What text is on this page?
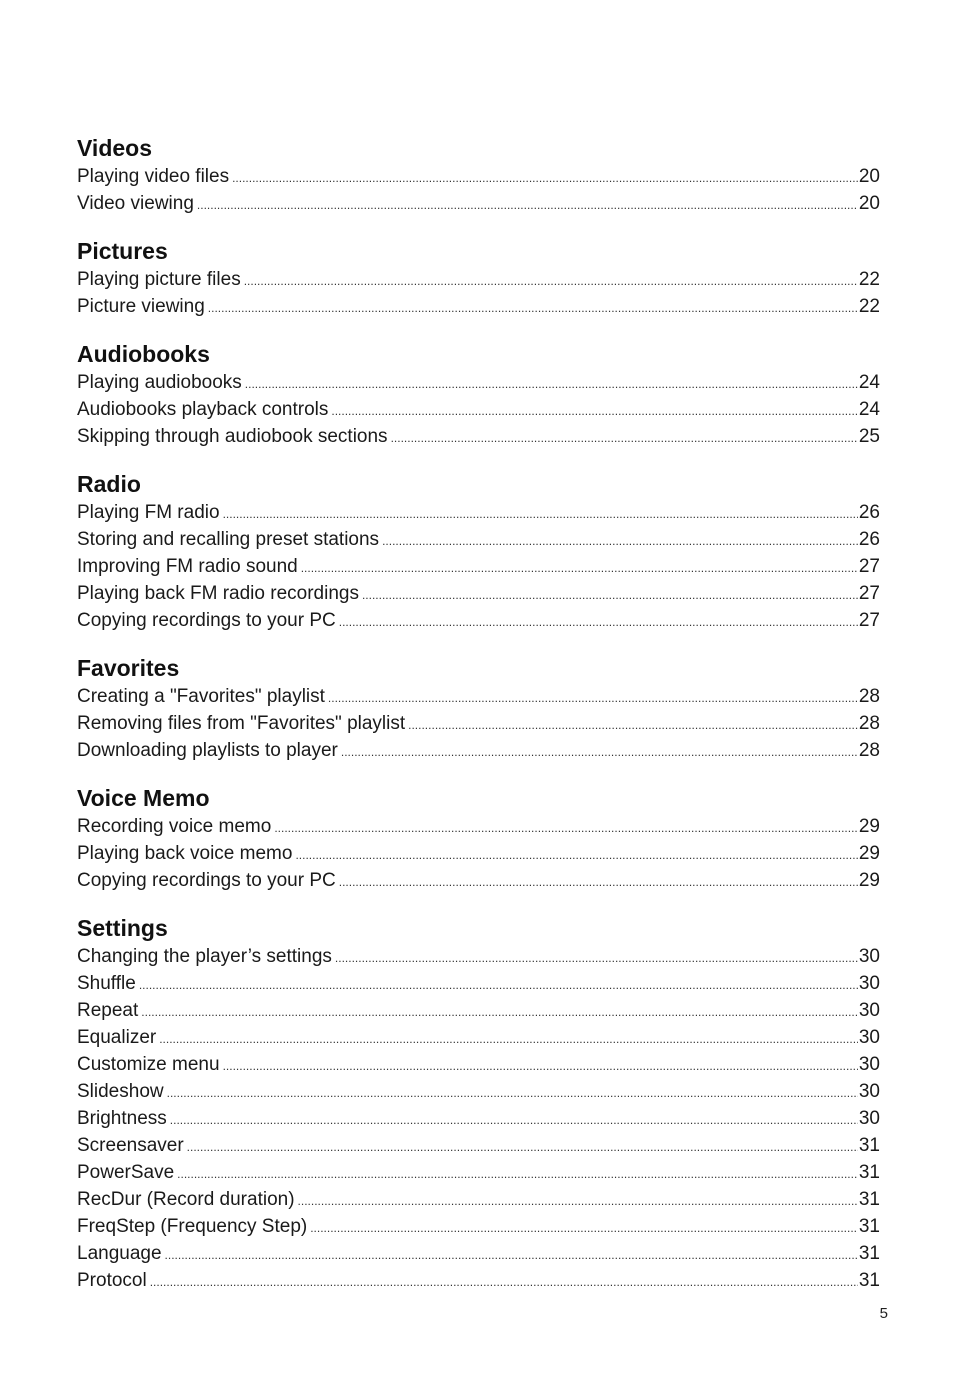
Videos
Playing video files .....	20
Video viewing .....	20
Pictures
Playing picture files .....	22
Picture viewing .....	22
Audiobooks
Playing audiobooks .....	24
Audiobooks playback controls .....	24
Skipping through audiobook sections .....	25
Radio
Playing FM radio .....	26
Storing and recalling preset stations .....	26
Improving FM radio sound .....	27
Playing back FM radio recordings .....	27
Copying recordings to your PC .....	27
Favorites
Creating a "Favorites" playlist .....	28
Removing files from "Favorites" playlist .....	28
Downloading playlists to player .....	28
Voice Memo
Recording voice memo .....	29
Playing back voice memo .....	29
Copying recordings to your PC .....	29
Settings
Changing the player’s settings .....	30
Shuffle .....	30
Repeat .....	30
Equalizer .....	30
Customize menu .....	30
Slideshow .....	30
Brightness .....	30
Screensaver .....	31
PowerSave .....	31
RecDur (Record duration) .....	31
FreqStep (Frequency Step) .....	31
Language .....	31
Protocol .....	31
5
